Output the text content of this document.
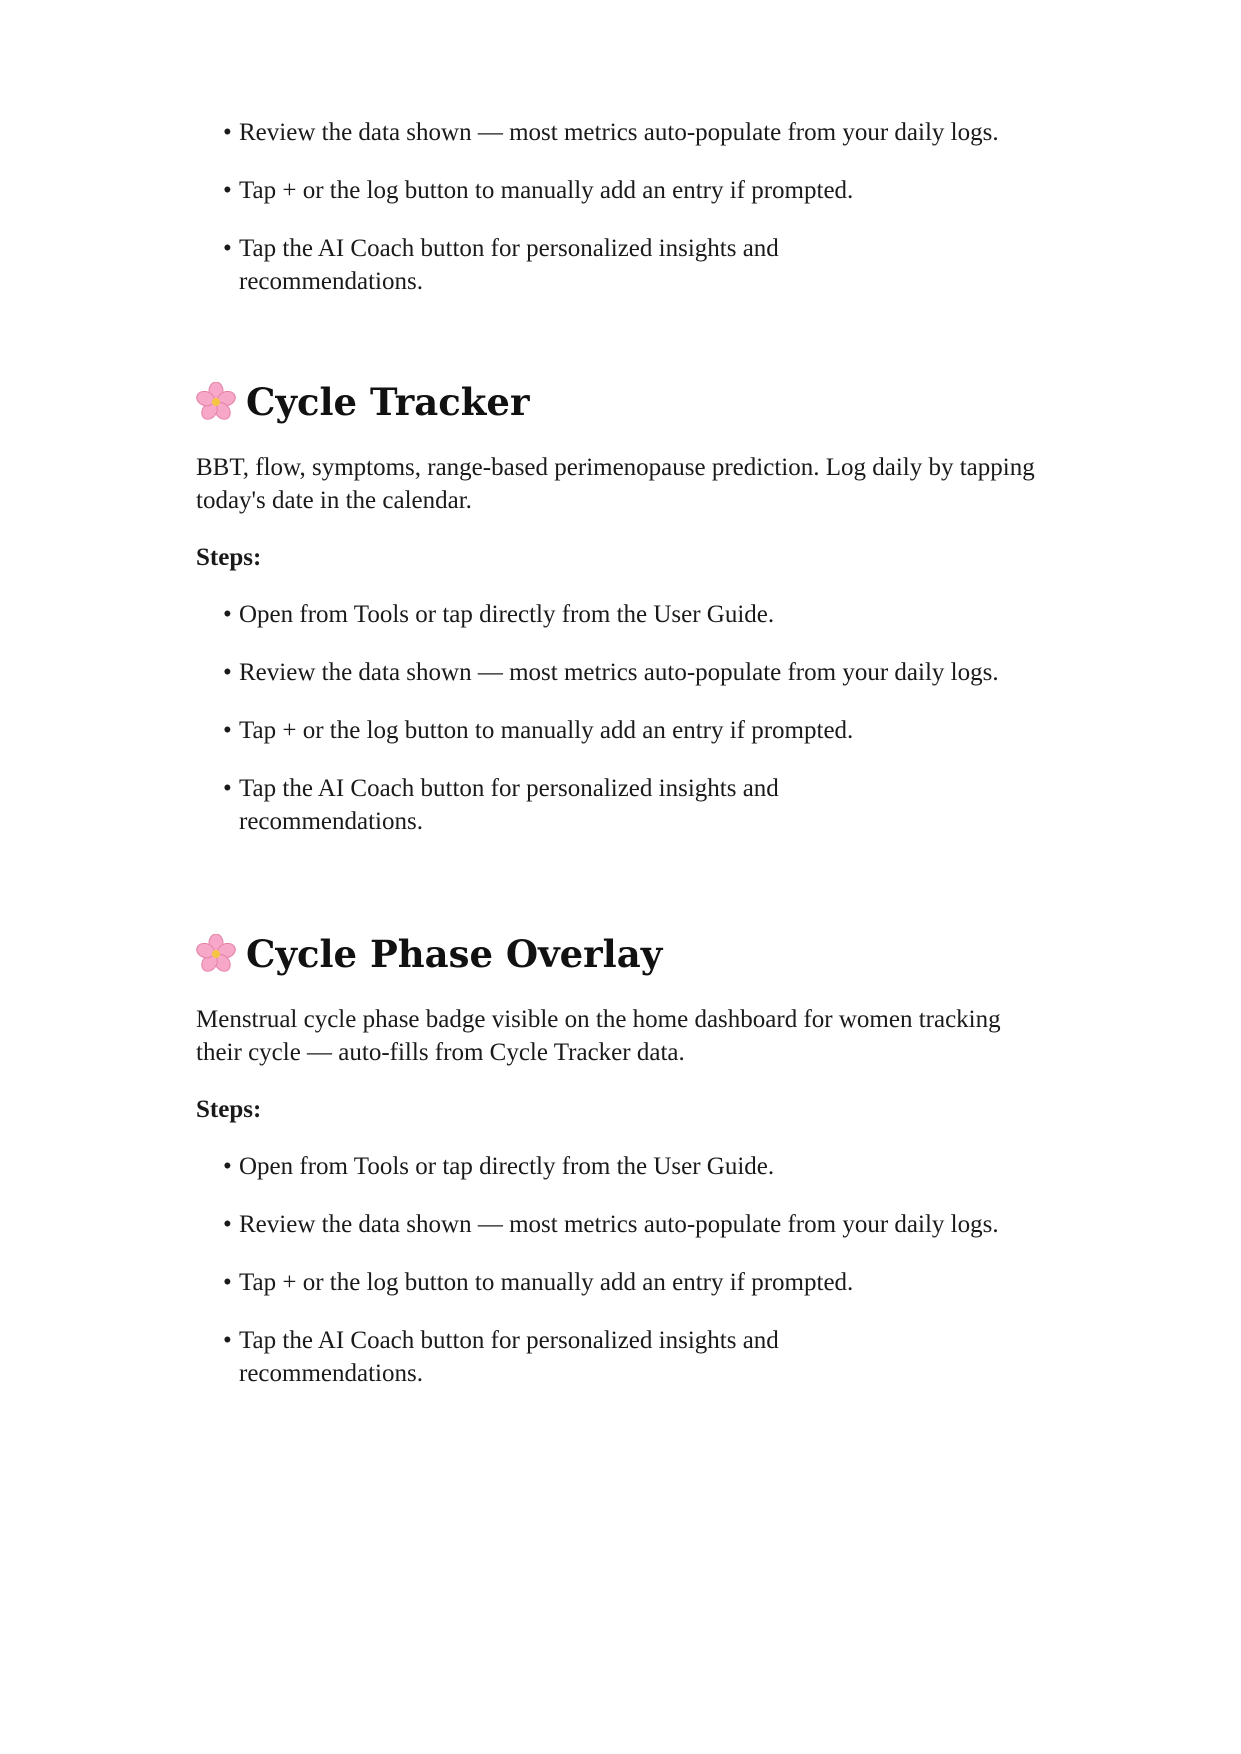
• Review the data shown — most metrics auto-populate from your daily logs.
• Tap + or the log button to manually add an entry if prompted.
• Tap the AI Coach button for personalized insights and recommendations.
Cycle Tracker

BBT, flow, symptoms, range-based perimenopause prediction. Log daily by tapping today's date in the calendar.

Steps:

• Open from Tools or tap directly from the User Guide.
• Review the data shown — most metrics auto-populate from your daily logs.
• Tap + or the log button to manually add an entry if prompted.
• Tap the AI Coach button for personalized insights and recommendations.
Cycle Phase Overlay

Menstrual cycle phase badge visible on the home dashboard for women tracking their cycle — auto-fills from Cycle Tracker data.

Steps:

• Open from Tools or tap directly from the User Guide.
• Review the data shown — most metrics auto-populate from your daily logs.
• Tap + or the log button to manually add an entry if prompted.
• Tap the AI Coach button for personalized insights and recommendations.
